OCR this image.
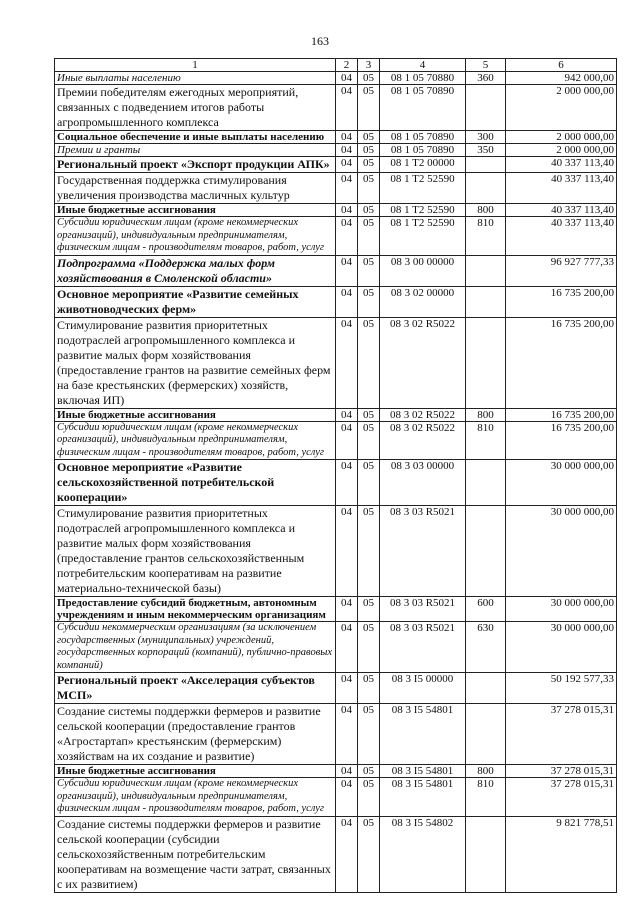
163
1	2	3	4	5	6
Иные выплаты населению	04	05	08 1 05 70880	360	942 000,00
Премии победителям ежегодных мероприятий, связанных с подведением итогов работы агропромышленного комплекса	04	05	08 1 05 70890		2 000 000,00
Социальное обеспечение и иные выплаты населению	04	05	08 1 05 70890	300	2 000 000,00
Премии и гранты	04	05	08 1 05 70890	350	2 000 000,00
Региональный проект «Экспорт продукции АПК»	04	05	08 1 T2 00000		40 337 113,40
Государственная поддержка стимулирования увеличения производства масличных культур	04	05	08 1 T2 52590		40 337 113,40
Иные бюджетные ассигнования	04	05	08 1 T2 52590	800	40 337 113,40
Субсидии юридическим лицам (кроме некоммерческих организаций), индивидуальным предпринимателям, физическим лицам - производителям товаров, работ, услуг	04	05	08 1 T2 52590	810	40 337 113,40
Подпрограмма «Поддержка малых форм хозяйствования в Смоленской области»	04	05	08 3 00 00000		96 927 777,33
Основное мероприятие «Развитие семейных животноводческих ферм»	04	05	08 3 02 00000		16 735 200,00
Стимулирование развития приоритетных подотраслей агропромышленного комплекса и развитие малых форм хозяйствования (предоставление грантов на развитие семейных ферм на базе крестьянских (фермерских) хозяйств, включая ИП)	04	05	08 3 02 R5022		16 735 200,00
Иные бюджетные ассигнования	04	05	08 3 02 R5022	800	16 735 200,00
Субсидии юридическим лицам (кроме некоммерческих организаций), индивидуальным предпринимателям, физическим лицам - производителям товаров, работ, услуг	04	05	08 3 02 R5022	810	16 735 200,00
Основное мероприятие «Развитие сельскохозяйственной потребительской кооперации»	04	05	08 3 03 00000		30 000 000,00
Стимулирование развития приоритетных подотраслей агропромышленного комплекса и развитие малых форм хозяйствования (предоставление грантов сельскохозяйственным потребительским кооперативам на развитие материально-технической базы)	04	05	08 3 03 R5021		30 000 000,00
Предоставление субсидий бюджетным, автономным учреждениям и иным некоммерческим организациям	04	05	08 3 03 R5021	600	30 000 000,00
Субсидии некоммерческим организациям (за исключением государственных (муниципальных) учреждений, государственных корпораций (компаний), публично-правовых компаний)	04	05	08 3 03 R5021	630	30 000 000,00
Региональный проект «Акселерация субъектов МСП»	04	05	08 3 I5 00000		50 192 577,33
Создание системы поддержки фермеров и развитие сельской кооперации (предоставление грантов «Агростартап» крестьянским (фермерским) хозяйствам на их создание и развитие)	04	05	08 3 I5 54801		37 278 015,31
Иные бюджетные ассигнования	04	05	08 3 I5 54801	800	37 278 015,31
Субсидии юридическим лицам (кроме некоммерческих организаций), индивидуальным предпринимателям, физическим лицам - производителям товаров, работ, услуг	04	05	08 3 I5 54801	810	37 278 015,31
Создание системы поддержки фермеров и развитие сельской кооперации (субсидии сельскохозяйственным потребительским кооперативам на возмещение части затрат, связанных с их развитием)	04	05	08 3 I5 54802		9 821 778,51
